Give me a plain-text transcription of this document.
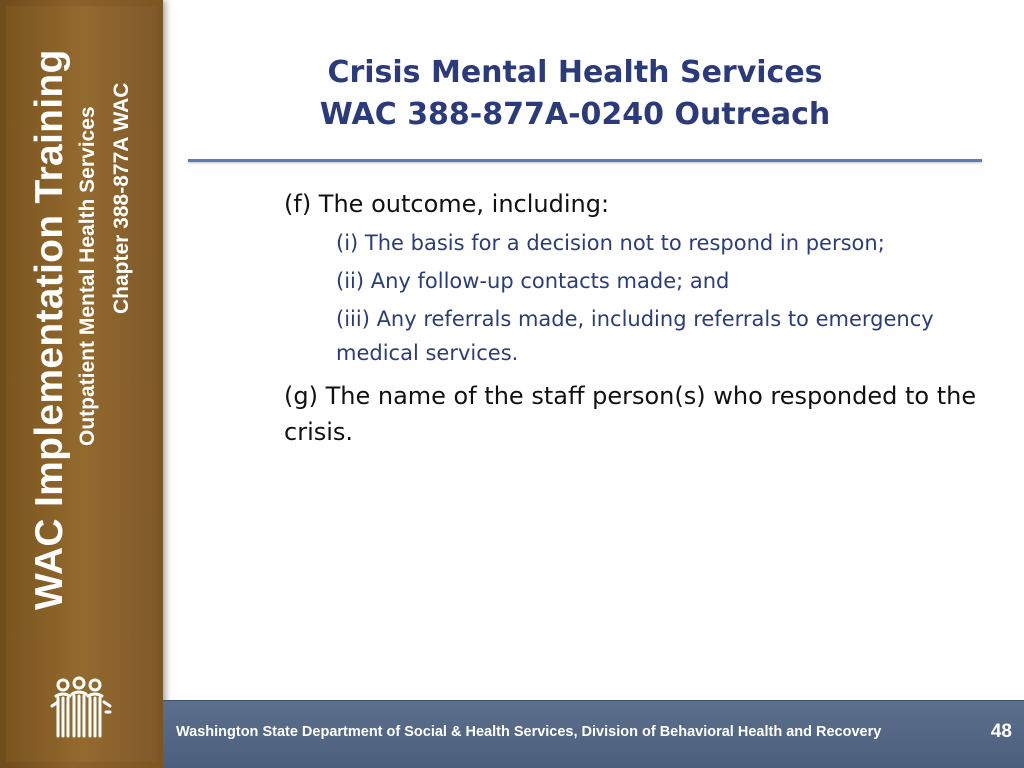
WAC Implementation Training Outpatient Mental Health Services Chapter 388-877A WAC
Crisis Mental Health Services
WAC 388-877A-0240 Outreach

(f) The outcome, including:

(i) The basis for a decision not to respond in person;

(ii) Any follow-up contacts made; and

(iii) Any referrals made, including referrals to emergency medical services.

(g) The name of the staff person(s) who responded to the crisis.

Washington State Department of Social & Health Services, Division of Behavioral Health and Recovery	48
